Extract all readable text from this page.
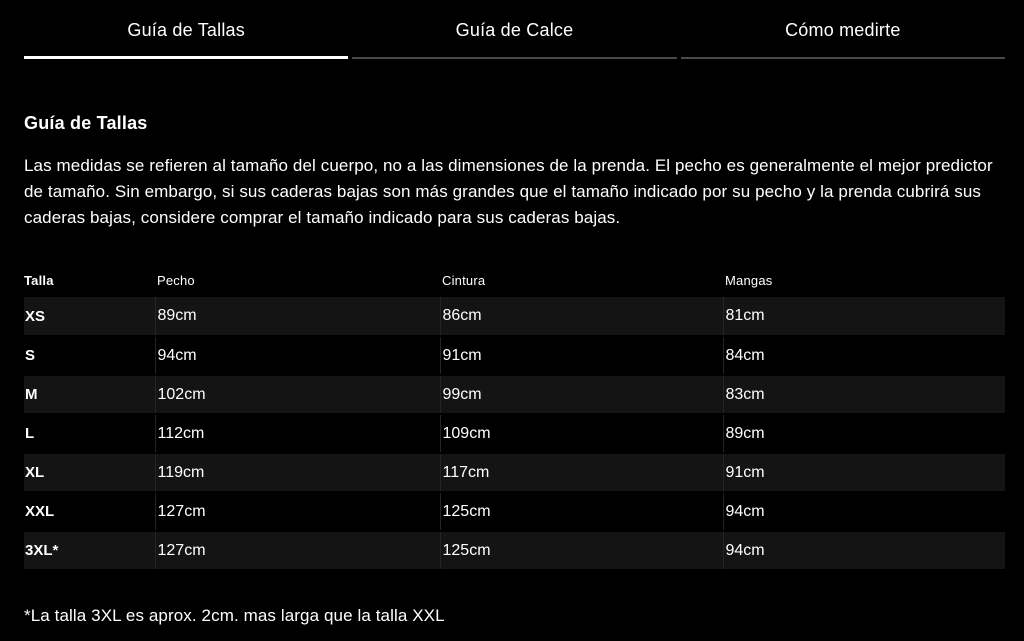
Guía de Tallas	Guía de Calce	Cómo medirte
Guía de Tallas

Las medidas se refieren al tamaño del cuerpo, no a las dimensiones de la prenda. El pecho es generalmente el mejor predictor de tamaño. Sin embargo, si sus caderas bajas son más grandes que el tamaño indicado por su pecho y la prenda cubrirá sus caderas bajas, considere comprar el tamaño indicado para sus caderas bajas.

Talla	Pecho	Cintura	Mangas
XS	89cm	86cm	81cm
S	94cm	91cm	84cm
M	102cm	99cm	83cm
L	112cm	109cm	89cm
XL	119cm	117cm	91cm
XXL	127cm	125cm	94cm
3XL*	127cm	125cm	94cm

*La talla 3XL es aprox. 2cm. mas larga que la talla XXL
